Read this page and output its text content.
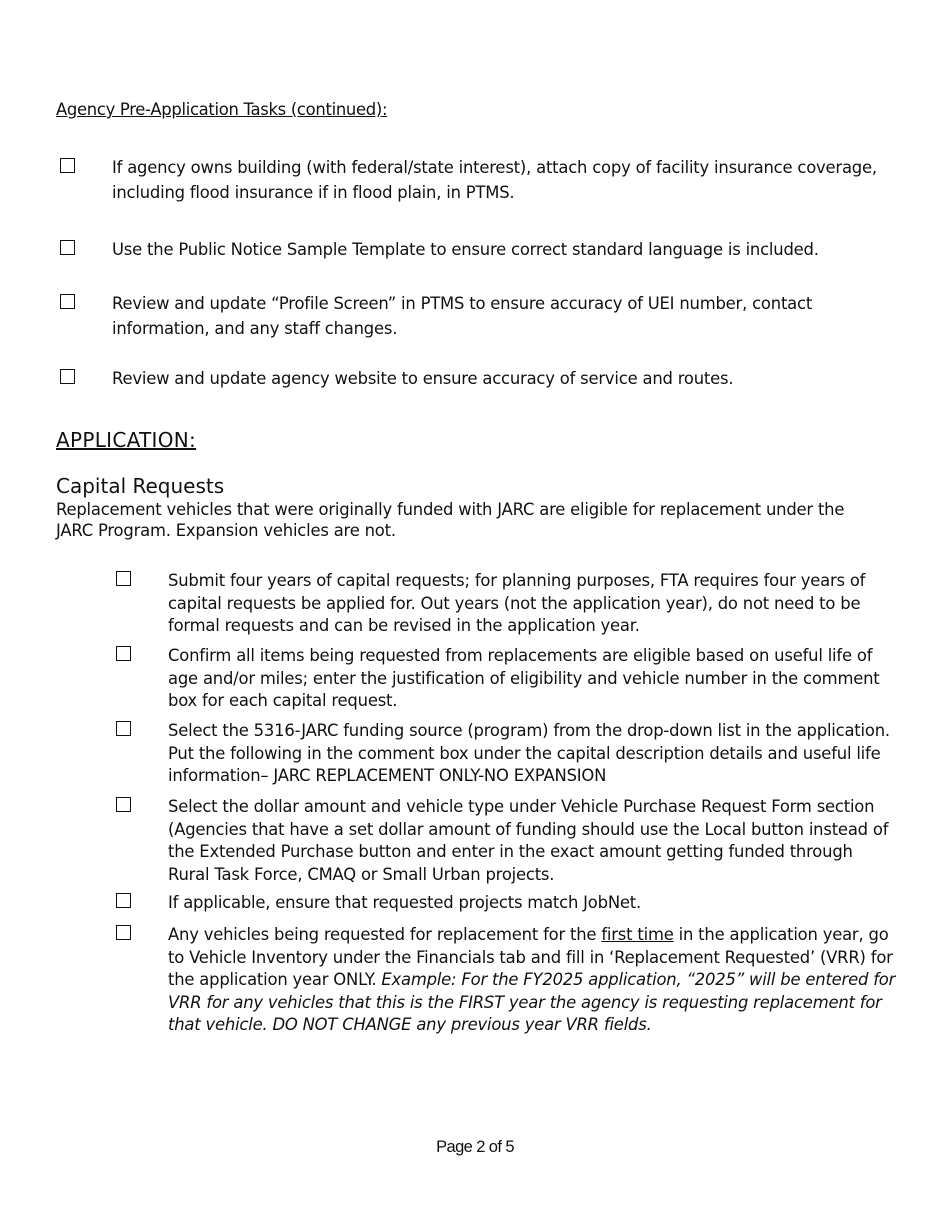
Agency Pre-Application Tasks (continued):

If agency owns building (with federal/state interest), attach copy of facility insurance coverage, including flood insurance if in flood plain, in PTMS.

Use the Public Notice Sample Template to ensure correct standard language is included.

Review and update “Profile Screen” in PTMS to ensure accuracy of UEI number, contact information, and any staff changes.

Review and update agency website to ensure accuracy of service and routes.

APPLICATION:
Capital Requests
Replacement vehicles that were originally funded with JARC are eligible for replacement under the JARC Program. Expansion vehicles are not.

Submit four years of capital requests; for planning purposes, FTA requires four years of capital requests be applied for. Out years (not the application year), do not need to be formal requests and can be revised in the application year.

Confirm all items being requested from replacements are eligible based on useful life of age and/or miles; enter the justification of eligibility and vehicle number in the comment box for each capital request.

Select the 5316-JARC funding source (program) from the drop-down list in the application. Put the following in the comment box under the capital description details and useful life information– JARC REPLACEMENT ONLY-NO EXPANSION

Select the dollar amount and vehicle type under Vehicle Purchase Request Form section (Agencies that have a set dollar amount of funding should use the Local button instead of the Extended Purchase button and enter in the exact amount getting funded through Rural Task Force, CMAQ or Small Urban projects.

If applicable, ensure that requested projects match JobNet.

Any vehicles being requested for replacement for the first time in the application year, go to Vehicle Inventory under the Financials tab and fill in ‘Replacement Requested’ (VRR) for the application year ONLY. Example: For the FY2025 application, “2025” will be entered for VRR for any vehicles that this is the FIRST year the agency is requesting replacement for that vehicle. DO NOT CHANGE any previous year VRR fields.

Page 2 of 5
